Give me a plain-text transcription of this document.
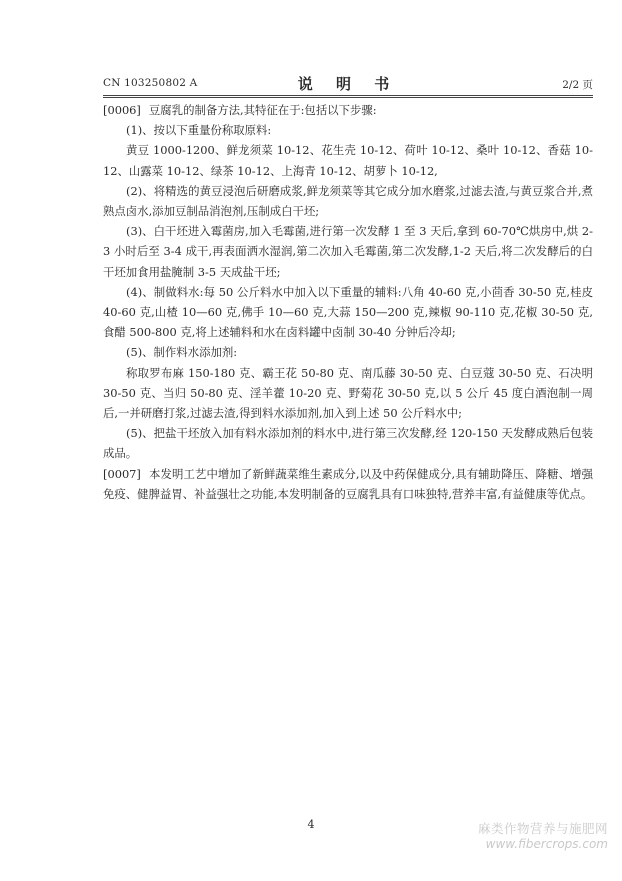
CN 103250802 A	说 明 书	2/2 页

[0006] 豆腐乳的制备方法,其特征在于:包括以下步骤:

(1)、按以下重量份称取原料:

黄豆 1000-1200、鲜龙须菜 10-12、花生壳 10-12、荷叶 10-12、桑叶 10-12、香菇 10-12、山露菜 10-12、绿茶 10-12、上海青 10-12、胡萝卜 10-12,

(2)、将精选的黄豆浸泡后研磨成浆,鲜龙须菜等其它成分加水磨浆,过滤去渣,与黄豆浆合并,煮熟点卤水,添加豆制品消泡剂,压制成白干坯;

(3)、白干坯进入霉菌房,加入毛霉菌,进行第一次发酵 1 至 3 天后,拿到 60-70℃烘房中,烘 2-3 小时后至 3-4 成干,再表面洒水湿润,第二次加入毛霉菌,第二次发酵,1-2 天后,将二次发酵后的白干坯加食用盐腌制 3-5 天成盐干坯;

(4)、制做料水:每 50 公斤料水中加入以下重量的辅料:八角 40-60 克,小茴香 30-50 克,桂皮 40-60 克,山楂 10—60 克,佛手 10—60 克,大蒜 150—200 克,辣椒 90-110 克,花椒 30-50 克,食醋 500-800 克,将上述辅料和水在卤料罐中卤制 30-40 分钟后冷却;

(5)、制作料水添加剂:

称取罗布麻 150-180 克、霸王花 50-80 克、南瓜藤 30-50 克、白豆蔻 30-50 克、石决明 30-50 克、当归 50-80 克、淫羊藿 10-20 克、野菊花 30-50 克,以 5 公斤 45 度白酒泡制一周后,一并研磨打浆,过滤去渣,得到料水添加剂,加入到上述 50 公斤料水中;

(5)、把盐干坯放入加有料水添加剂的料水中,进行第三次发酵,经 120-150 天发酵成熟后包装成品。

[0007] 本发明工艺中增加了新鲜蔬菜维生素成分,以及中药保健成分,具有辅助降压、降糖、增强免疫、健脾益胃、补益强壮之功能,本发明制备的豆腐乳具有口味独特,营养丰富,有益健康等优点。

4	麻类作物营养与施肥网
www.fibercrops.com
